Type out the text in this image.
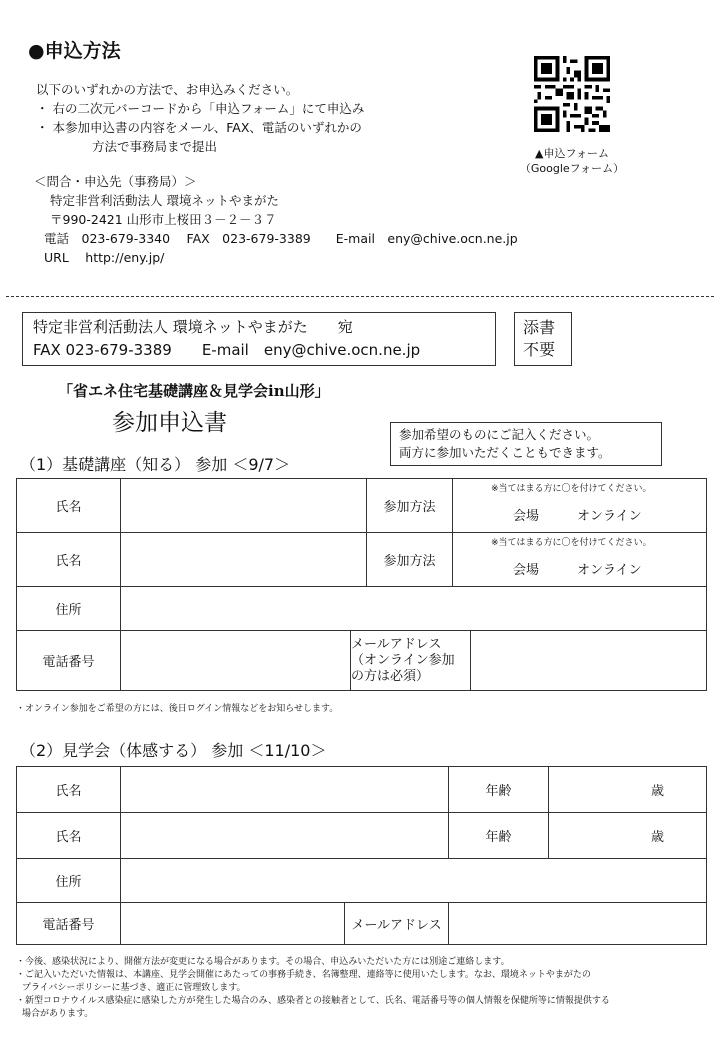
●申込方法
以下のいずれかの方法で、お申込みください。
・ 右の二次元バーコードから「申込フォーム」にて申込み
・ 本参加申込書の内容をメール、FAX、電話のいずれかの
方法で事務局まで提出	▲申込フォーム
（Googleフォーム）
＜問合・申込先（事務局）＞
特定非営利活動法人 環境ネットやまがた
〒990-2421 山形市上桜田３－２－３７
電話　023-679-3340　 FAX　023-679-3389　　E-mail　eny@chive.ocn.ne.jp
URL　 http://eny.jp/
特定非営利活動法人 環境ネットやまがた　　宛
FAX 023-679-3389　　E-mail　eny@chive.ocn.ne.jp
添書
不要
「省エネ住宅基礎講座＆見学会in山形」
参加申込書	参加希望のものにご記入ください。
両方に参加いただくこともできます。
（1）基礎講座（知る） 参加 ＜9/7＞
氏名			参加方法	※当てはまる方に〇を付けてください。
会場 オンライン	

氏名			参加方法	※当てはまる方に〇を付けてください。
会場 オンライン	

住所					
電話番号		メールアドレス
（オンライン参加
の方は必須）			

・オンライン参加をご希望の方には、後日ログイン情報などをお知らせします。
（2）見学会（体感する） 参加 ＜11/10＞
氏名			年齢	歳
氏名			年齢	歳
住所				
電話番号		メールアドレス		
・今後、感染状況により、開催方法が変更になる場合があります。その場合、申込みいただいた方には別途ご連絡します。
・ご記入いただいた情報は、本講座、見学会開催にあたっての事務手続き、名簿整理、連絡等に使用いたします。なお、環境ネットやまがたの
プライバシーポリシーに基づき、適正に管理致します。
・新型コロナウイルス感染症に感染した方が発生した場合のみ、感染者との接触者として、氏名、電話番号等の個人情報を保健所等に情報提供する
場合があります。
